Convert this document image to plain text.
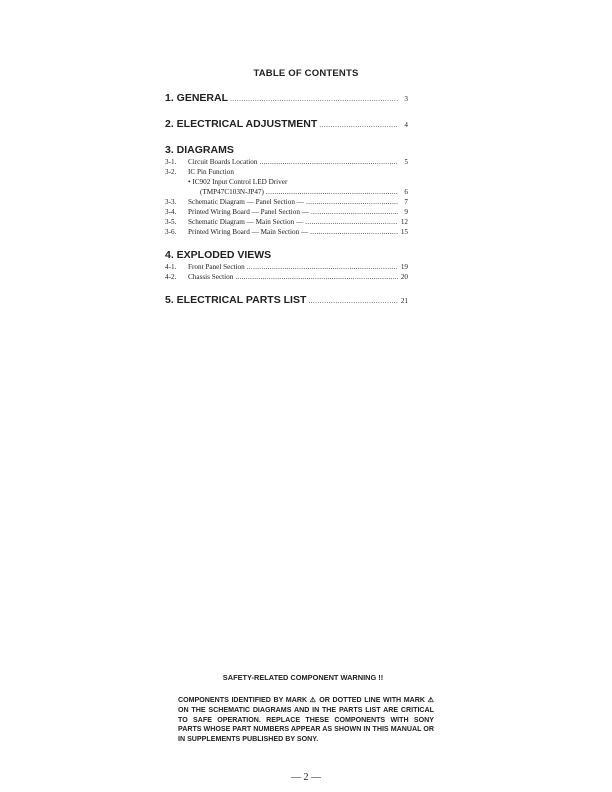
TABLE OF CONTENTS
1. GENERAL .....	3
2. ELECTRICAL ADJUSTMENT .....	4
3. DIAGRAMS
3-1.	Circuit Boards Location .....	5
3-2.	IC Pin Function
• IC902 Input Control LED Driver
(TMP47C103N-JP47) .....	6
3-3.	Schematic Diagram — Panel Section — .....	7
3-4.	Printed Wiring Board — Panel Section — .....	9
3-5.	Schematic Diagram — Main Section — .....	12
3-6.	Printed Wiring Board — Main Section — .....	15
4. EXPLODED VIEWS
4-1.	Front Panel Section .....	19
4-2.	Chassis Section .....	20
5. ELECTRICAL PARTS LIST .....	21
SAFETY-RELATED COMPONENT WARNING !!
COMPONENTS IDENTIFIED BY MARK ⚠ OR DOTTED LINE WITH MARK ⚠ ON THE SCHEMATIC DIAGRAMS AND IN THE PARTS LIST ARE CRITICAL TO SAFE OPERATION. REPLACE THESE COMPONENTS WITH SONY PARTS WHOSE PART NUMBERS APPEAR AS SHOWN IN THIS MANUAL OR IN SUPPLEMENTS PUBLISHED BY SONY.
— 2 —
